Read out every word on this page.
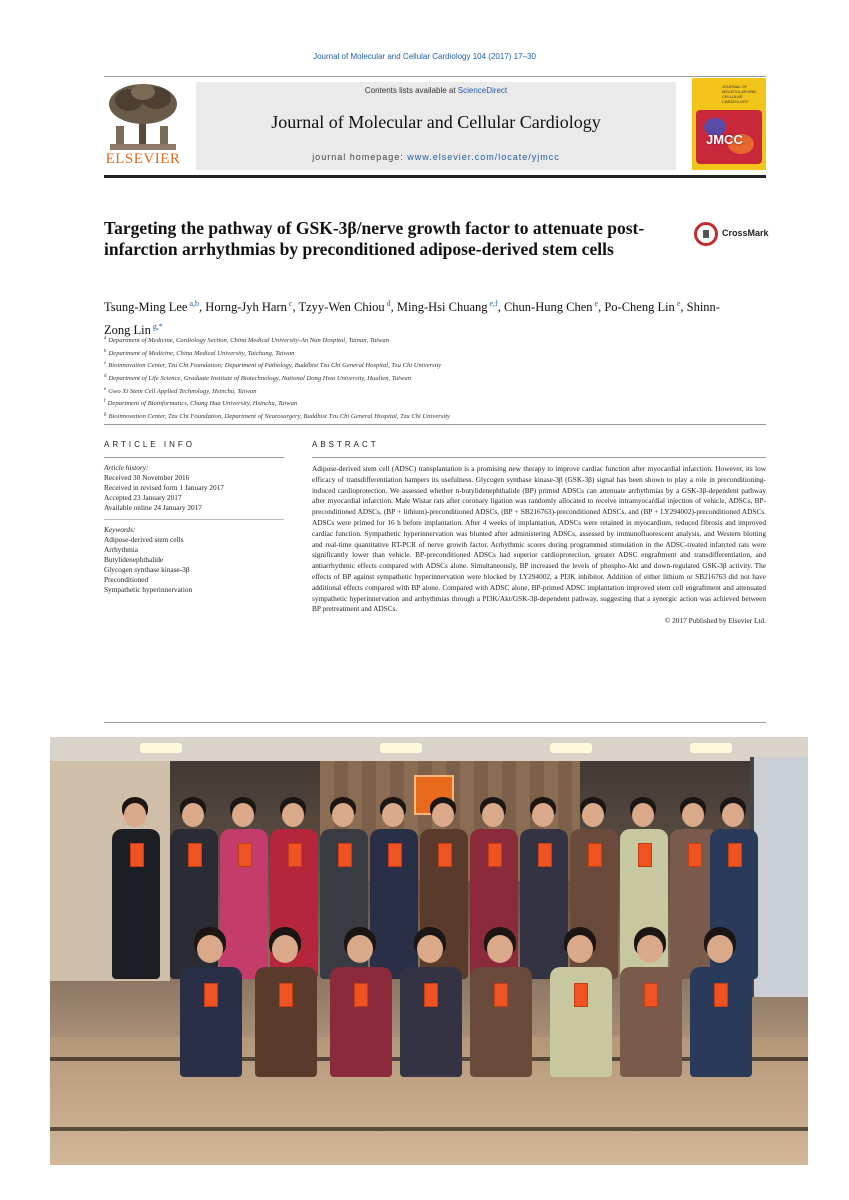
Journal of Molecular and Cellular Cardiology 104 (2017) 17–30
ELSEVIER
Contents lists available at ScienceDirect
Journal of Molecular and Cellular Cardiology
journal homepage: www.elsevier.com/locate/yjmcc
JOURNAL OF MOLECULAR AND CELLULAR CARDIOLOGY
JMCC
Targeting the pathway of GSK-3β/nerve growth factor to attenuate post-infarction arrhythmias by preconditioned adipose-derived stem cells
CrossMark
Tsung-Ming Lee $^{a,b}$, Horng-Jyh Harn $^c$, Tzyy-Wen Chiou $^d$, Ming-Hsi Chuang $^{e,f}$, Chun-Hung Chen $^e$, Po-Cheng Lin $^e$, Shinn-Zong Lin $^{g,*}$
$^a$ Department of Medicine, Cardiology Section, China Medical University-An Nan Hospital, Tainan, Taiwan
$^b$ Department of Medicine, China Medical University, Taichung, Taiwan
$^c$ Bioinnovation Center, Tzu Chi Foundation; Department of Pathology, Buddhist Tzu Chi General Hospital, Tzu Chi University
$^d$ Department of Life Science, Graduate Institute of Biotechnology, National Dong Hwa University, Hualien, Taiwan
$^e$ Gwo Xi Stem Cell Applied Technology, Hsinchu, Taiwan
$^f$ Department of Bioinformatics, Chung Hua University, Hsinchu, Taiwan
$^g$ Bioinnovation Center, Tzu Chi Foundation, Department of Neurosurgery, Buddhist Tzu Chi General Hospital, Tzu Chi University
ARTICLE INFO
Article history:
Received 30 November 2016
Received in revised form 1 January 2017
Accepted 23 January 2017
Available online 24 January 2017
Keywords:
Adipose-derived stem cells
Arrhythmia
Butylidenephthalide
Glycogen synthase kinase-3β
Preconditioned
Sympathetic hyperinnervation
ABSTRACT

Adipose-derived stem cell (ADSC) transplantation is a promising new therapy to improve cardiac function after myocardial infarction. However, its low efficacy of transdifferentiation hampers its usefulness. Glycogen synthase kinase-3β (GSK-3β) signal has been shown to play a role in preconditioning-induced cardioprotection. We assessed whether n-butylidenephthalide (BP) primed ADSCs can attenuate arrhythmias by a GSK-3β-dependent pathway after myocardial infarction. Male Wistar rats after coronary ligation was randomly allocated to receive intramyocardial injection of vehicle, ADSCs, BP-preconditioned ADSCs, (BP + lithium)-preconditioned ADSCs, (BP + SB216763)-preconditioned ADSCs, and (BP + LY294002)-preconditioned ADSCs. ADSCs were primed for 16 h before implantation. After 4 weeks of implantation, ADSCs were retained in myocardium, reduced fibrosis and improved cardiac function. Sympathetic hyperinnervation was blunted after administering ADSCs, assessed by immunofluorescent analysis, and Western blotting and real-time quantitative RT-PCR of nerve growth factor. Arrhythmic scores during programmed stimulation in the ADSC-treated infarcted rats were significantly lower than vehicle. BP-preconditioned ADSCs had superior cardioprotection, greater ADSC engraftment and transdifferentiation, and antiarrhythmic effects compared with ADSCs alone. Simultaneously, BP increased the levels of phospho-Akt and down-regulated GSK-3β activity. The effects of BP against sympathetic hyperinnervation were blocked by LY294002, a PI3K inhibitor. Addition of either lithium or SB216763 did not have additional effects compared with BP alone. Compared with ADSC alone, BP-primed ADSC implantation improved stem cell engraftment and attenuated sympathetic hyperinnervation and arrhythmias through a PI3K/Akt/GSK-3β-dependent pathway, suggesting that a synergic action was achieved between BP pretreatment and ADSCs.

© 2017 Published by Elsevier Ltd.
